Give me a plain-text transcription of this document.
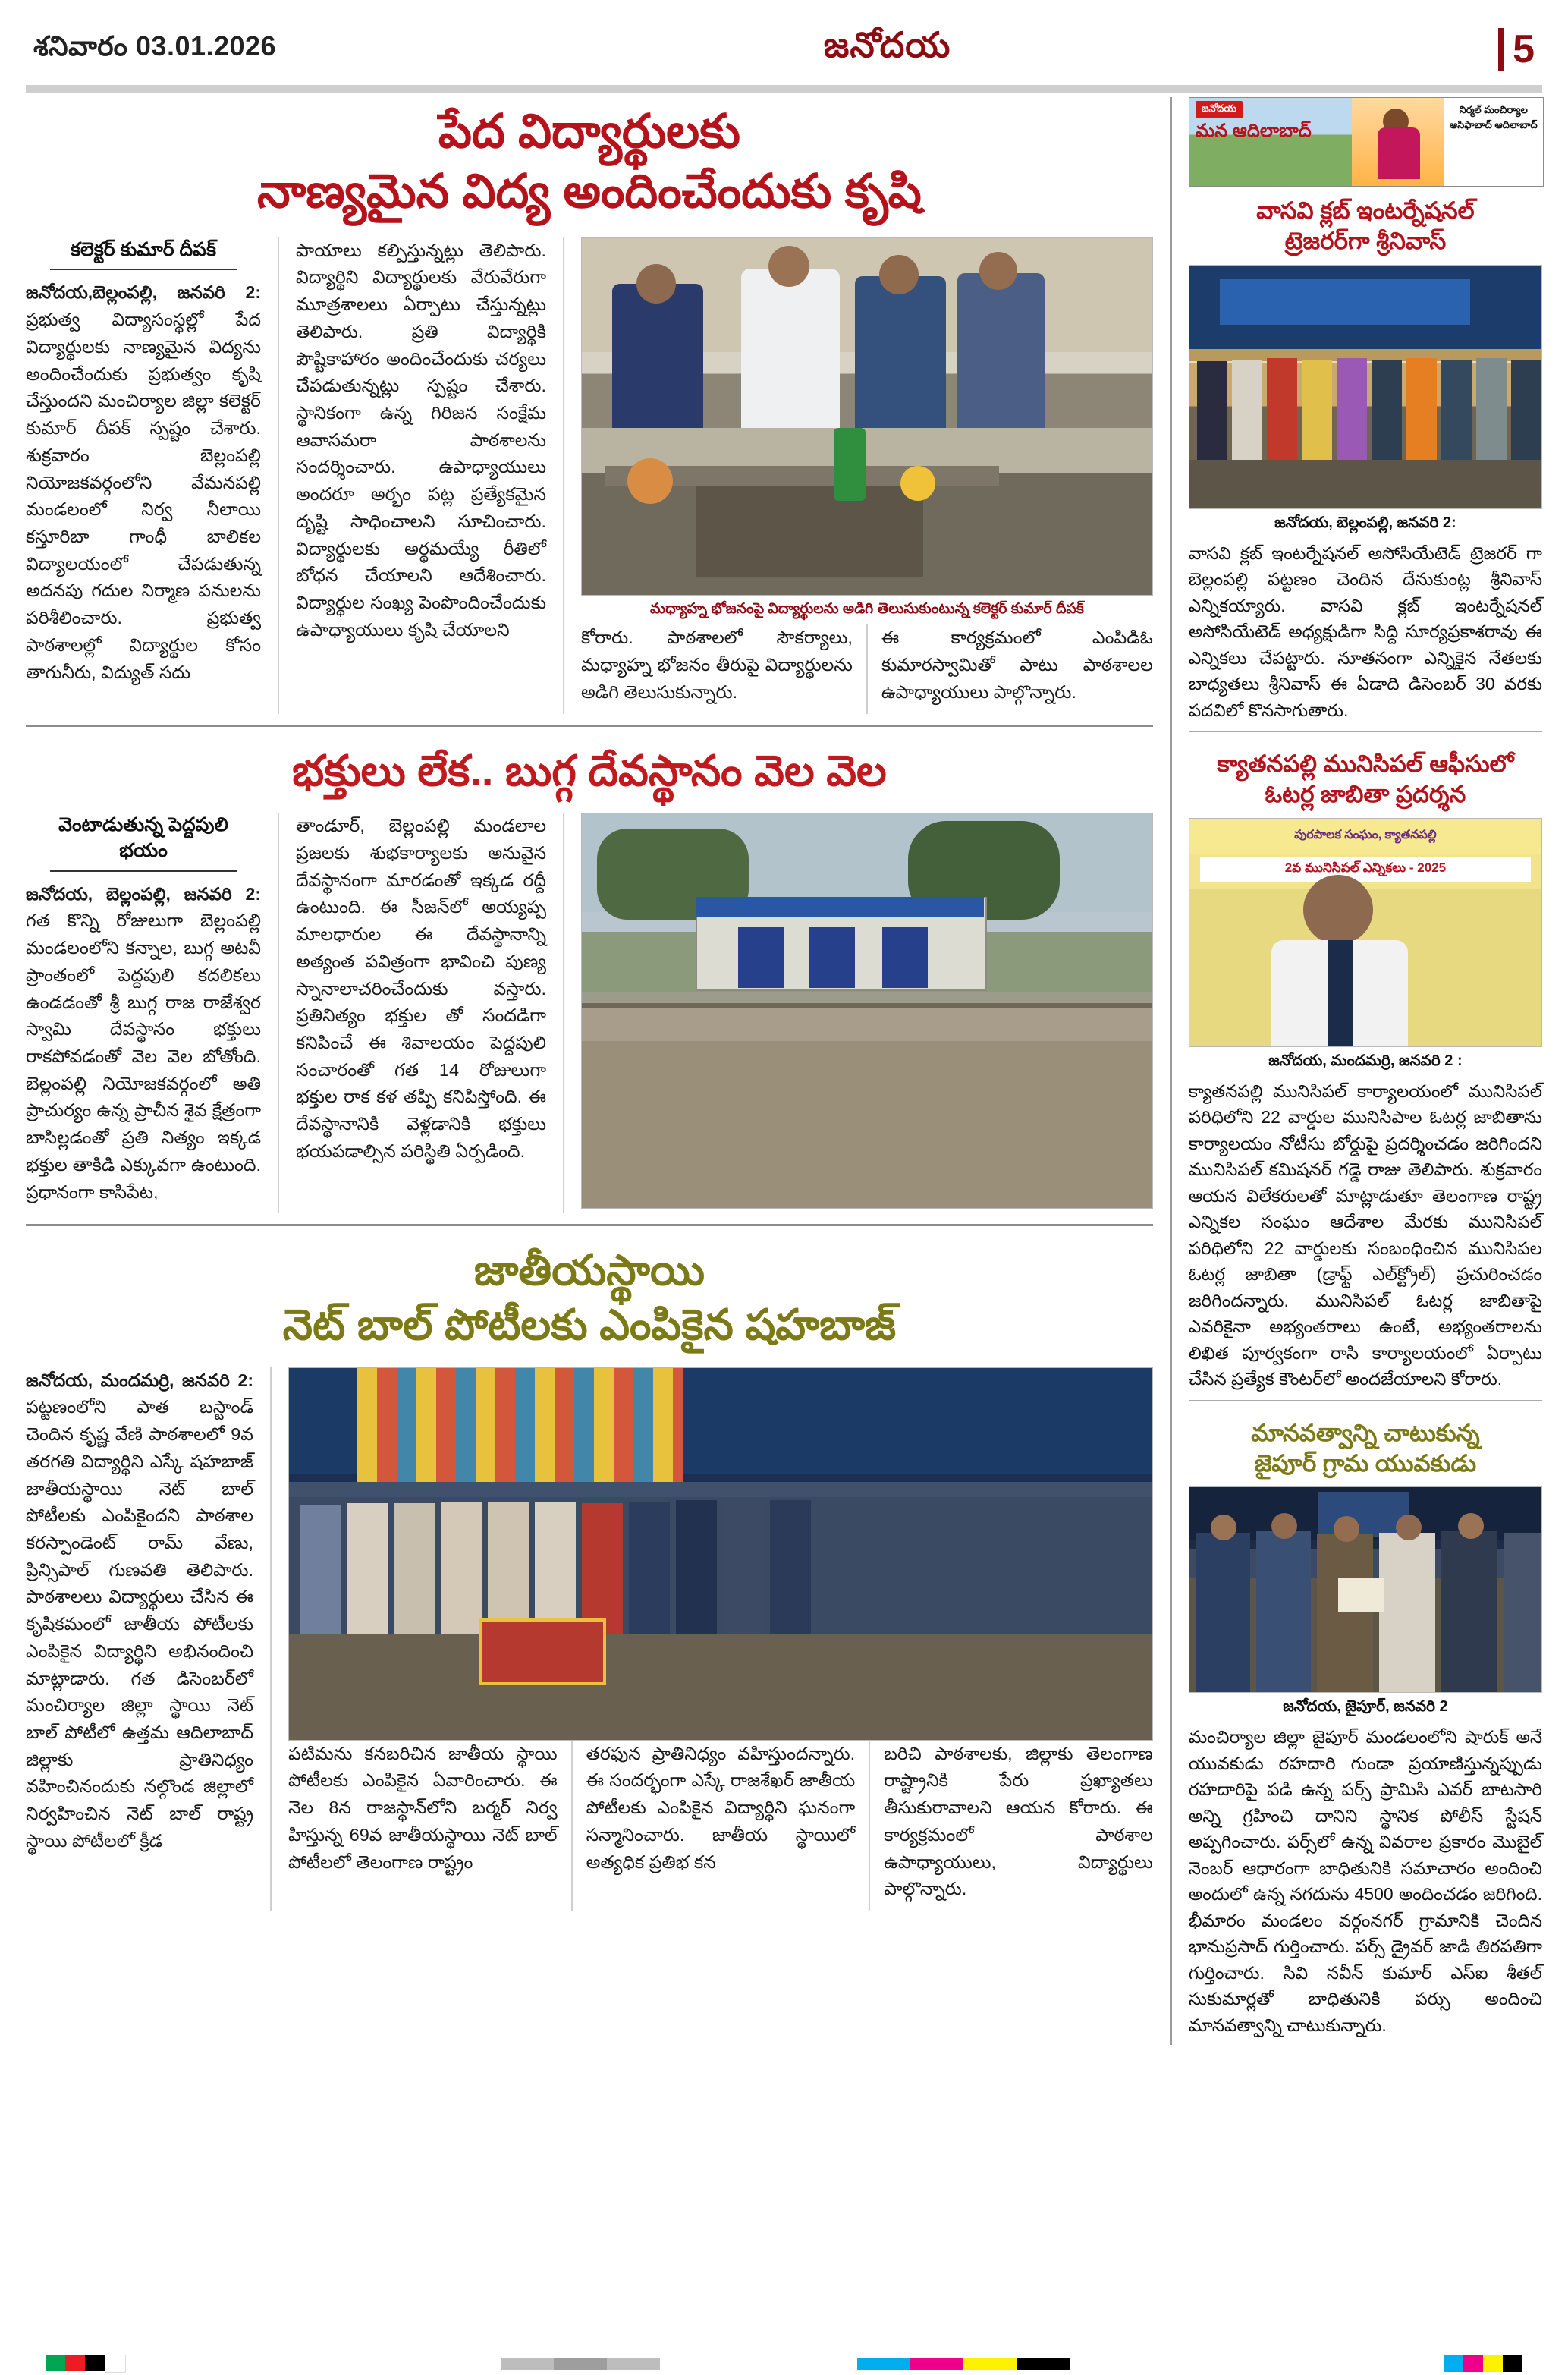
శనివారం 03.01.2026	జనోదయ	5
పేద విద్యార్థులకు
నాణ్యమైన విద్య అందించేందుకు కృషి
కలెక్టర్ కుమార్ దీపక్

జనోదయ,బెల్లంపల్లి, జనవరి 2: ప్రభుత్వ విద్యాసంస్థల్లో పేద విద్యార్థులకు నాణ్యమైన విద్యను అందించేందుకు ప్రభుత్వం కృషి చేస్తుందని మంచిర్యాల జిల్లా కలెక్టర్ కుమార్ దీపక్ స్పష్టం చేశారు. శుక్రవారం బెల్లంపల్లి నియోజకవర్గంలోని వేమనపల్లి మండలంలో నిర్వ నీలాయి కస్తూరిబా గాంధీ బాలికల విద్యాలయంలో చేపడుతున్న అదనపు గదుల నిర్మాణ పనులను పరిశీలించారు. ప్రభుత్వ పాఠశాలల్లో విద్యార్థుల కోసం తాగునీరు, విద్యుత్ సదు

పాయాలు కల్పిస్తున్నట్లు తెలిపారు. విద్యార్థిని విద్యార్థులకు వేరువేరుగా మూత్రశాలలు ఏర్పాటు చేస్తున్నట్లు తెలిపారు. ప్రతి విద్యార్థికి పౌష్టికాహారం అందించేందుకు చర్యలు చేపడుతున్నట్లు స్పష్టం చేశారు. స్థానికంగా ఉన్న గిరిజన సంక్షేమ ఆవాసమరా పాఠశాలను సందర్శించారు. ఉపాధ్యాయులు అందరూ అర్భం పట్ల ప్రత్యేకమైన దృష్టి సాధించాలని సూచించారు. విద్యార్థులకు అర్థమయ్యే రీతిలో బోధన చేయాలని ఆదేశించారు. విద్యార్థుల సంఖ్య పెంపొందించేందుకు ఉపాధ్యాయులు కృషి చేయాలని

మధ్యాహ్న భోజనంపై విద్యార్థులను అడిగి తెలుసుకుంటున్న కలెక్టర్ కుమార్ దీపక్

కోరారు. పాఠశాలలో సౌకర్యాలు, మధ్యాహ్న భోజనం తీరుపై విద్యార్థులను అడిగి తెలుసుకున్నారు.

ఈ కార్యక్రమంలో ఎంపిడిఓ కుమారస్వామితో పాటు పాఠశాలల ఉపాధ్యాయులు పాల్గొన్నారు.

భక్తులు లేక.. బుగ్గ దేవస్థానం వెల వెల
వెంటాడుతున్న పెద్దపులి భయం

జనోదయ, బెల్లంపల్లి, జనవరి 2: గత కొన్ని రోజులుగా బెల్లంపల్లి మండలంలోని కన్నాల, బుగ్గ అటవీ ప్రాంతంలో పెద్దపులి కదలికలు ఉండడంతో శ్రీ బుగ్గ రాజ రాజేశ్వర స్వామి దేవస్థానం భక్తులు రాకపోవడంతో వెల వెల బోతోంది. బెల్లంపల్లి నియోజకవర్గంలో అతి ప్రాచుర్యం ఉన్న ప్రాచీన శైవ క్షేత్రంగా బాసిల్లడంతో ప్రతి నిత్యం ఇక్కడ భక్తుల తాకిడి ఎక్కువగా ఉంటుంది. ప్రధానంగా కాసిపేట,

తాండూర్, బెల్లంపల్లి మండలాల ప్రజలకు శుభకార్యాలకు అనువైన దేవస్థానంగా మారడంతో ఇక్కడ రద్దీ ఉంటుంది. ఈ సీజన్‌లో అయ్యప్ప మాలధారుల ఈ దేవస్థానాన్ని అత్యంత పవిత్రంగా భావించి పుణ్య స్నానాలాచరించేందుకు వస్తారు. ప్రతినిత్యం భక్తుల తో సందడిగా కనిపించే ఈ శివాలయం పెద్దపులి సంచారంతో గత 14 రోజులుగా భక్తుల రాక కళ తప్పి కనిపిస్తోంది. ఈ దేవస్థానానికి వెళ్లడానికి భక్తులు భయపడాల్సిన పరిస్థితి ఏర్పడింది.

జాతీయస్థాయి
నెట్ బాల్ పోటీలకు ఎంపికైన షహబాజ్

జనోదయ, మందమర్రి, జనవరి 2: పట్టణంలోని పాత బస్టాండ్ చెందిన కృష్ణ వేణి పాఠశాలలో 9వ తరగతి విద్యార్థిని ఎస్కే షహబాజ్ జాతీయస్థాయి నెట్ బాల్ పోటీలకు ఎంపికైందని పాఠశాల కరస్పాండెంట్ రామ్ వేణు, ప్రిన్సిపాల్ గుణవతి తెలిపారు. పాఠశాలలు విద్యార్థులు చేసిన ఈ కృషికమంలో జాతీయ పోటీలకు ఎంపికైన విద్యార్థిని అభినందించి మాట్లాడారు. గత డిసెంబర్‌లో మంచిర్యాల జిల్లా స్థాయి నెట్ బాల్ పోటీలో ఉత్తమ ఆదిలాబాద్ జిల్లాకు ప్రాతినిధ్యం వహించినందుకు నల్గొండ జిల్లాలో నిర్వహించిన నెట్ బాల్ రాష్ట్ర స్థాయి పోటీలలో క్రీడ

పటిమను కనబరిచిన జాతీయ స్థాయి పోటీలకు ఎంపికైన ఏవారించారు. ఈ నెల 8న రాజస్థాన్‌లోని బర్మర్ నిర్వ హిస్తున్న 69వ జాతీయస్థాయి నెట్ బాల్ పోటీలలో తెలంగాణ రాష్ట్రం

తరఫున ప్రాతినిధ్యం వహిస్తుందన్నారు. ఈ సందర్భంగా ఎస్కే రాజశేఖర్ జాతీయ పోటీలకు ఎంపికైన విద్యార్థిని ఘనంగా సన్మానించారు. జాతీయ స్థాయిలో అత్యధిక ప్రతిభ కన

బరిచి పాఠశాలకు, జిల్లాకు తెలంగాణ రాష్ట్రానికి పేరు ప్రఖ్యాతలు తీసుకురావాలని ఆయన కోరారు. ఈ కార్యక్రమంలో పాఠశాల ఉపాధ్యాయులు, విద్యార్థులు పాల్గొన్నారు.

జనోదయ
మన ఆదిలాబాద్
నిర్మల్ మంచిర్యాల ఆసిఫాబాద్ ఆదిలాబాద్
వాసవి క్లబ్ ఇంటర్నేషనల్
ట్రెజరర్‌గా శ్రీనివాస్
జనోదయ, బెల్లంపల్లి, జనవరి 2:

వాసవి క్లబ్ ఇంటర్నేషనల్ అసోసియేటెడ్ ట్రెజరర్ గా బెల్లంపల్లి పట్టణం చెందిన దేనుకుంట్ల శ్రీనివాస్ ఎన్నికయ్యారు. వాసవి క్లబ్ ఇంటర్నేషనల్ అసోసియేటెడ్ అధ్యక్షుడిగా సిద్ది సూర్యప్రకాశరావు ఈ ఎన్నికలు చేపట్టారు. నూతనంగా ఎన్నికైన నేతలకు బాధ్యతలు శ్రీనివాస్ ఈ ఏడాది డిసెంబర్ 30 వరకు పదవిలో కొనసాగుతారు.

క్యాతనపల్లి మునిసిపల్ ఆఫీసులో
ఓటర్ల జాబితా ప్రదర్శన
పురపాలక సంఘం, క్యాతనపల్లి
2వ మునిసిపల్ ఎన్నికలు - 2025
జనోదయ, మందమర్రి, జనవరి 2 :

క్యాతనపల్లి మునిసిపల్ కార్యాలయంలో మునిసిపల్ పరిధిలోని 22 వార్డుల మునిసిపాల ఓటర్ల జాబితాను కార్యాలయం నోటీసు బోర్డుపై ప్రదర్శించడం జరిగిందని మునిసిపల్ కమిషనర్ గడ్డె రాజు తెలిపారు. శుక్రవారం ఆయన విలేకరులతో మాట్లాడుతూ తెలంగాణ రాష్ట్ర ఎన్నికల సంఘం ఆదేశాల మేరకు మునిసిపల్ పరిధిలోని 22 వార్డులకు సంబంధించిన మునిసిపల ఓటర్ల జాబితా (డ్రాఫ్ట్ ఎల్‌క్ట్రోల్) ప్రచురించడం జరిగిందన్నారు. మునిసిపల్ ఓటర్ల జాబితాపై ఎవరికైనా అభ్యంతరాలు ఉంటే, అభ్యంతరాలను లిఖిత పూర్వకంగా రాసి కార్యాలయంలో ఏర్పాటు చేసిన ప్రత్యేక కౌంటర్‌లో అందజేయాలని కోరారు.

మానవత్వాన్ని చాటుకున్న
జైపూర్ గ్రామ యువకుడు
జనోదయ, జైపూర్, జనవరి 2

మంచిర్యాల జిల్లా జైపూర్ మండలంలోని షారుక్ అనే యువకుడు రహదారి గుండా ప్రయాణిస్తున్నప్పుడు రహదారిపై పడి ఉన్న పర్స్ ప్రామిసి ఎవర్ బాటసారి అన్ని గ్రహించి దానిని స్థానిక పోలీస్ స్టేషన్ అప్పగించారు. పర్స్‌లో ఉన్న వివరాల ప్రకారం మొబైల్ నెంబర్ ఆధారంగా బాధితునికి సమాచారం అందించి అందులో ఉన్న నగదును 4500 అందించడం జరిగింది. భీమారం మండలం వర్గంనగర్ గ్రామానికి చెందిన భానుప్రసాద్ గుర్తించారు. పర్స్ డ్రైవర్ జాడి తిరపతిగా గుర్తించారు. సివి నవీన్ కుమార్ ఎస్ఐ శీతల్ సుకుమార్లతో బాధితునికి పర్సు అందించి మానవత్వాన్ని చాటుకున్నారు.
